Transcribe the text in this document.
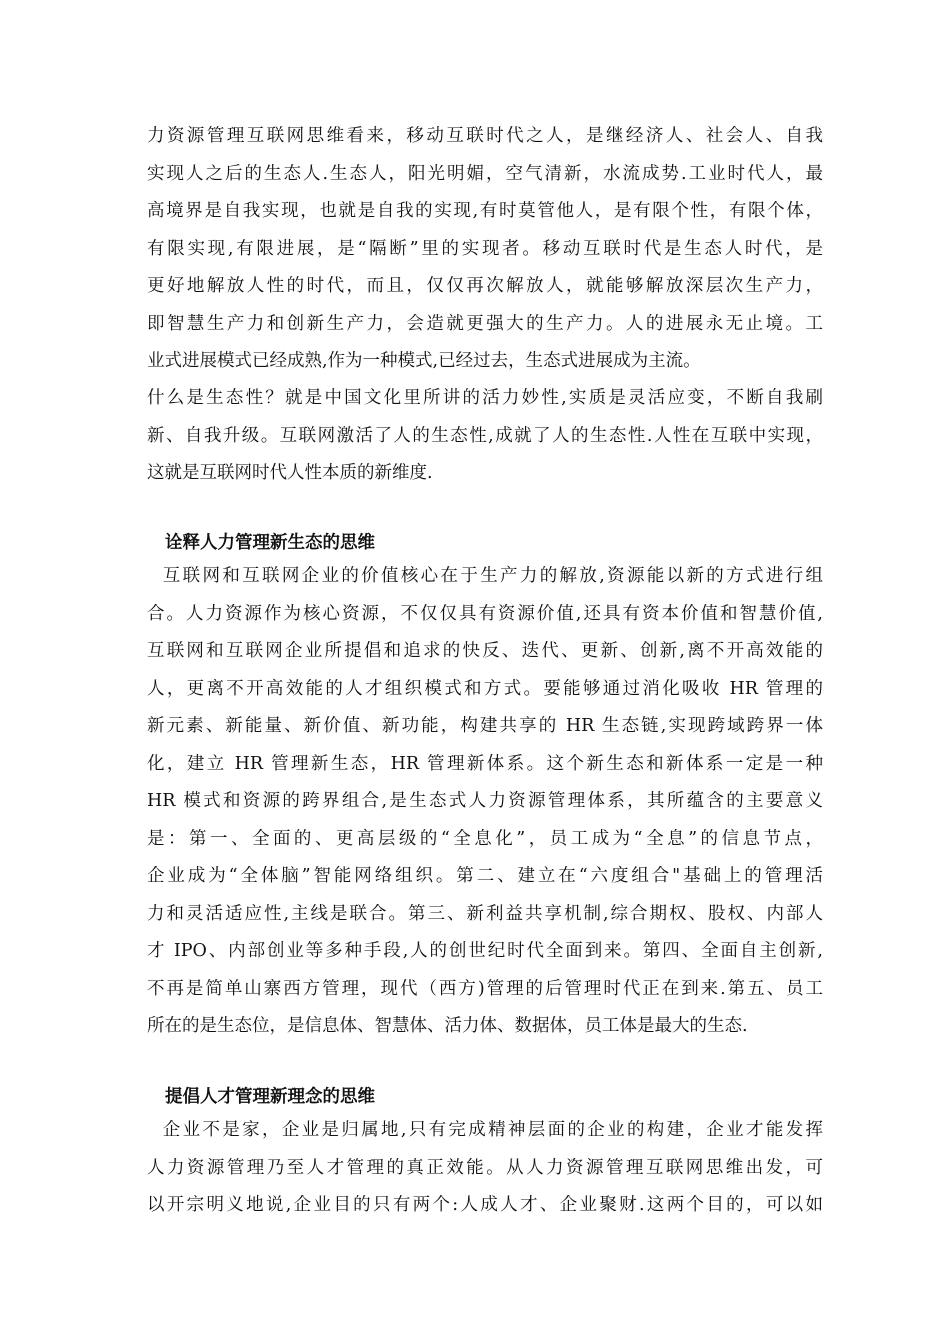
力资源管理互联网思维看来，移动互联时代之人，是继经济人、社会人、自我
实现人之后的生态人.生态人，阳光明媚，空气清新，水流成势.工业时代人，最
高境界是自我实现，也就是自我的实现,有时莫管他人，是有限个性，有限个体，
有限实现,有限进展，是“隔断”里的实现者。移动互联时代是生态人时代，是
更好地解放人性的时代，而且，仅仅再次解放人，就能够解放深层次生产力，
即智慧生产力和创新生产力，会造就更强大的生产力。人的进展永无止境。工
业式进展模式已经成熟,作为一种模式,已经过去，生态式进展成为主流。
什么是生态性？就是中国文化里所讲的活力妙性,实质是灵活应变，不断自我刷
新、自我升级。互联网激活了人的生态性,成就了人的生态性.人性在互联中实现，
这就是互联网时代人性本质的新维度.
诠释人力管理新生态的思维
互联网和互联网企业的价值核心在于生产力的解放,资源能以新的方式进行组
合。人力资源作为核心资源，不仅仅具有资源价值,还具有资本价值和智慧价值,
互联网和互联网企业所提倡和追求的快反、迭代、更新、创新,离不开高效能的
人，更离不开高效能的人才组织模式和方式。要能够通过消化吸收 HR 管理的
新元素、新能量、新价值、新功能，构建共享的 HR 生态链,实现跨域跨界一体
化，建立 HR 管理新生态，HR 管理新体系。这个新生态和新体系一定是一种
HR 模式和资源的跨界组合,是生态式人力资源管理体系，其所蕴含的主要意义
是：第一、全面的、更高层级的“全息化”，员工成为“全息”的信息节点，
企业成为“全体脑”智能网络组织。第二、建立在“六度组合"基础上的管理活
力和灵活适应性,主线是联合。第三、新利益共享机制,综合期权、股权、内部人
才 IPO、内部创业等多种手段,人的创世纪时代全面到来。第四、全面自主创新,
不再是简单山寨西方管理，现代（西方)管理的后管理时代正在到来.第五、员工
所在的是生态位，是信息体、智慧体、活力体、数据体，员工体是最大的生态.
提倡人才管理新理念的思维
企业不是家，企业是归属地,只有完成精神层面的企业的构建，企业才能发挥
人力资源管理乃至人才管理的真正效能。从人力资源管理互联网思维出发，可
以开宗明义地说,企业目的只有两个:人成人才、企业聚财.这两个目的，可以如
